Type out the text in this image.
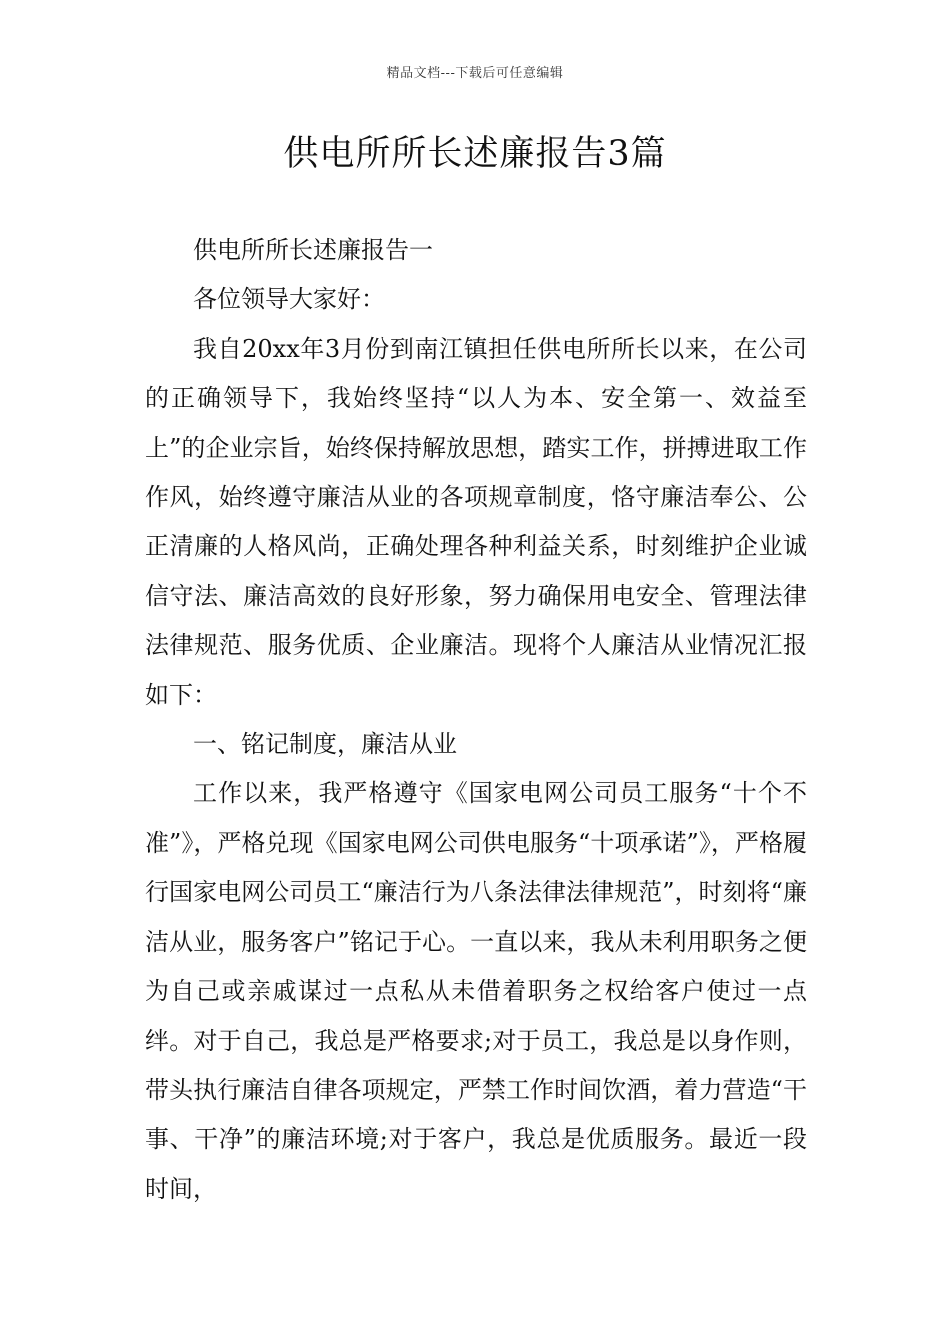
精品文档---下载后可任意编辑
供电所所长述廉报告3篇

供电所所长述廉报告一

各位领导大家好：

我自20xx年3月份到南江镇担任供电所所长以来，在公司的正确领导下，我始终坚持“以人为本、安全第一、效益至上”的企业宗旨，始终保持解放思想，踏实工作，拼搏进取工作作风，始终遵守廉洁从业的各项规章制度，恪守廉洁奉公、公正清廉的人格风尚，正确处理各种利益关系，时刻维护企业诚信守法、廉洁高效的良好形象，努力确保用电安全、管理法律法律规范、服务优质、企业廉洁。现将个人廉洁从业情况汇报如下：

一、铭记制度，廉洁从业

工作以来，我严格遵守《国家电网公司员工服务“十个不准”》，严格兑现《国家电网公司供电服务“十项承诺”》，严格履行国家电网公司员工“廉洁行为八条法律法律规范”，时刻将“廉洁从业，服务客户”铭记于心。一直以来，我从未利用职务之便为自己或亲戚谋过一点私从未借着职务之权给客户使过一点绊。对于自己，我总是严格要求;对于员工，我总是以身作则，带头执行廉洁自律各项规定，严禁工作时间饮酒，着力营造“干事、干净”的廉洁环境;对于客户，我总是优质服务。最近一段时间，
